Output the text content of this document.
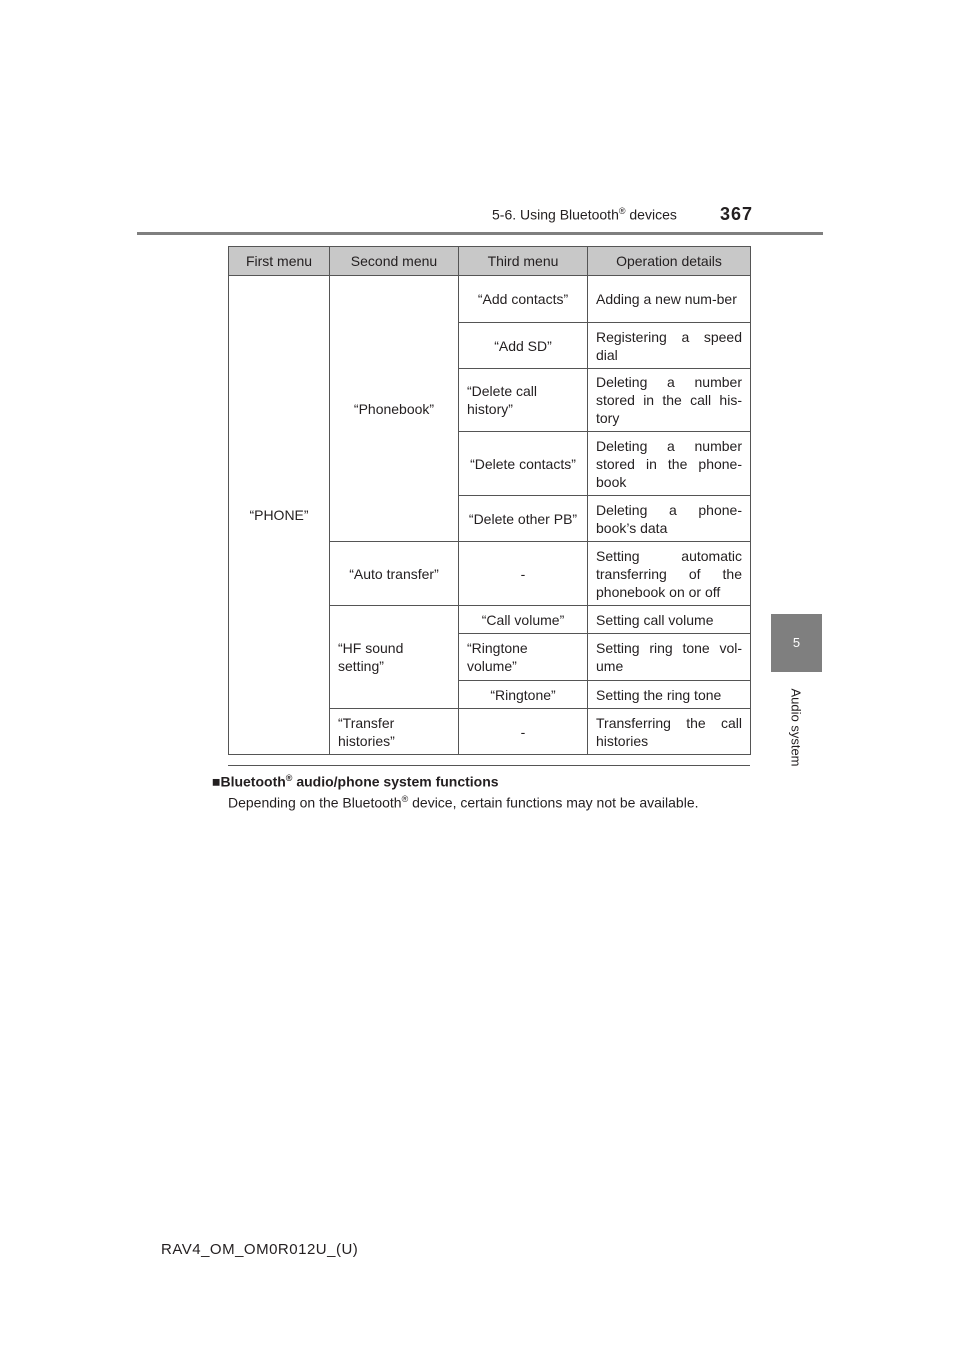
5-6. Using Bluetooth® devices 367
5
Audio system
First menu	Second menu	Third menu	Operation details
“PHONE”	“Phonebook”	“Add contacts”	Adding a new num-ber
		“Add SD”	Registering a speed dial
		“Delete call history”	Deleting a number stored in the call his-tory
		“Delete contacts”	Deleting a number stored in the phone-book
		“Delete other PB”	Deleting a phone-book’s data
	“Auto transfer”	-	Setting automatic transferring of the phonebook on or off
	“HF sound setting”	“Call volume”	Setting call volume
		“Ringtone volume”	Setting ring tone vol-ume
		“Ringtone”	Setting the ring tone
	“Transfer histories”	-	Transferring the call histories
■Bluetooth® audio/phone system functions
Depending on the Bluetooth® device, certain functions may not be available.
RAV4_OM_OM0R012U_(U)
